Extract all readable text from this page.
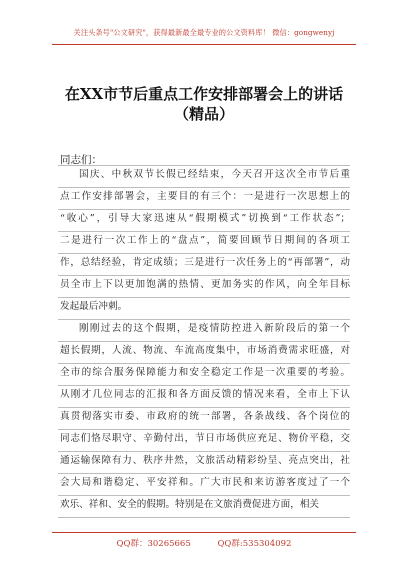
关注头条号"公文研究"，获得最新最全最专业的公文资料库！ 微信：gongwenyj
在XX市节后重点工作安排部署会上的讲话（精品）
同志们：
国庆、中秋双节长假已经结束，今天召开这次全市节后重
点工作安排部署会，主要目的有三个：一是进行一次思想上的
“收心”，引导大家迅速从“假期模式”切换到“工作状态”；
二是进行一次工作上的“盘点”，简要回顾节日期间的各项工
作，总结经验，肯定成绩；三是进行一次任务上的“再部署”，动
员全市上下以更加饱满的热情、更加务实的作风，向全年目标
发起最后冲刺。
刚刚过去的这个假期，是疫情防控进入新阶段后的第一个
超长假期，人流、物流、车流高度集中，市场消费需求旺盛，对
全市的综合服务保障能力和安全稳定工作是一次重要的考验。
从刚才几位同志的汇报和各方面反馈的情况来看，全市上下认
真贯彻落实市委、市政府的统一部署，各条战线、各个岗位的
同志们恪尽职守、辛勤付出，节日市场供应充足、物价平稳，交
通运输保障有力、秩序井然，文旅活动精彩纷呈、亮点突出，社
会大局和谐稳定、平安祥和。广大市民和来访游客度过了一个
欢乐、祥和、安全的假期。特别是在文旅消费促进方面，相关
QQ群：30265665	QQ群:535304092
